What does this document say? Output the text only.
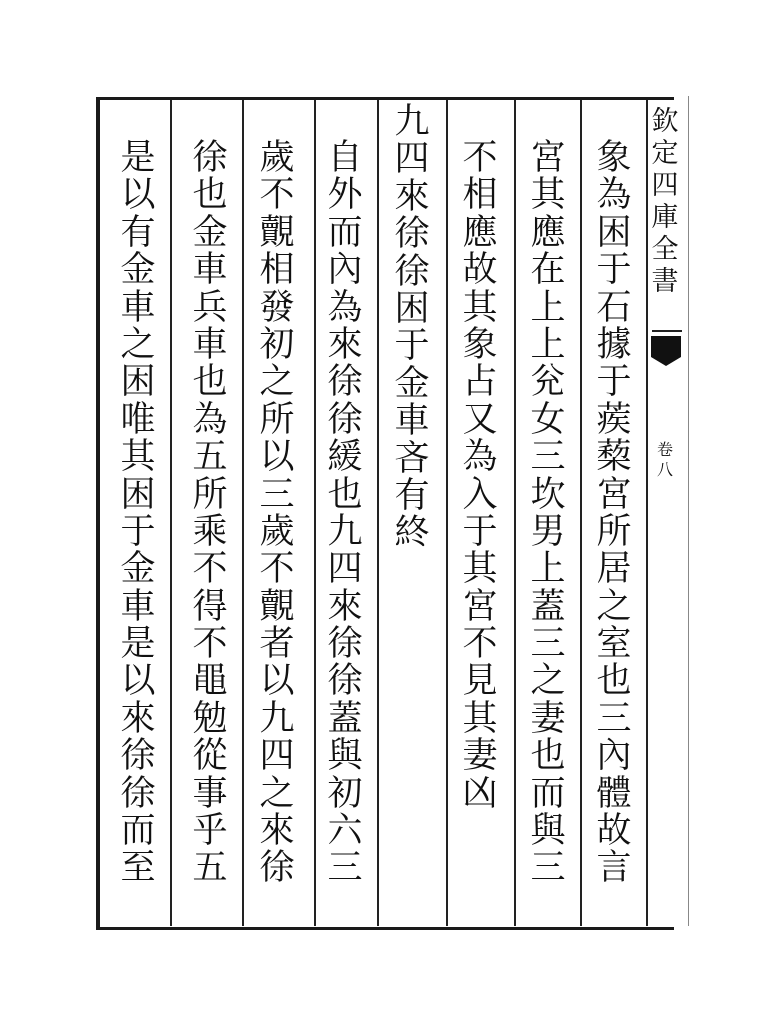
象
為
困
于
石
據
于
蒺
蔾
宮
所
居
之
室
也
三
內
體
故
言
宮
其
應
在
上
上
兊
女
三
坎
男
上
蓋
三
之
妻
也
而
與
三
不
相
應
故
其
象
占
又
為
入
于
其
宮
不
見
其
妻
凶
九
四
來
徐
徐
困
于
金
車
吝
有
終
自
外
而
內
為
來
徐
徐
緩
也
九
四
來
徐
徐
蓋
與
初
六
三
歲
不
覿
相
發
初
之
所
以
三
歲
不
覿
者
以
九
四
之
來
徐
徐
也
金
車
兵
車
也
為
五
所
乘
不
得
不
黽
勉
從
事
乎
五
是
以
有
金
車
之
困
唯
其
困
于
金
車
是
以
來
徐
徐
而
至
欽
定
四
庫
全
書
卷
八
